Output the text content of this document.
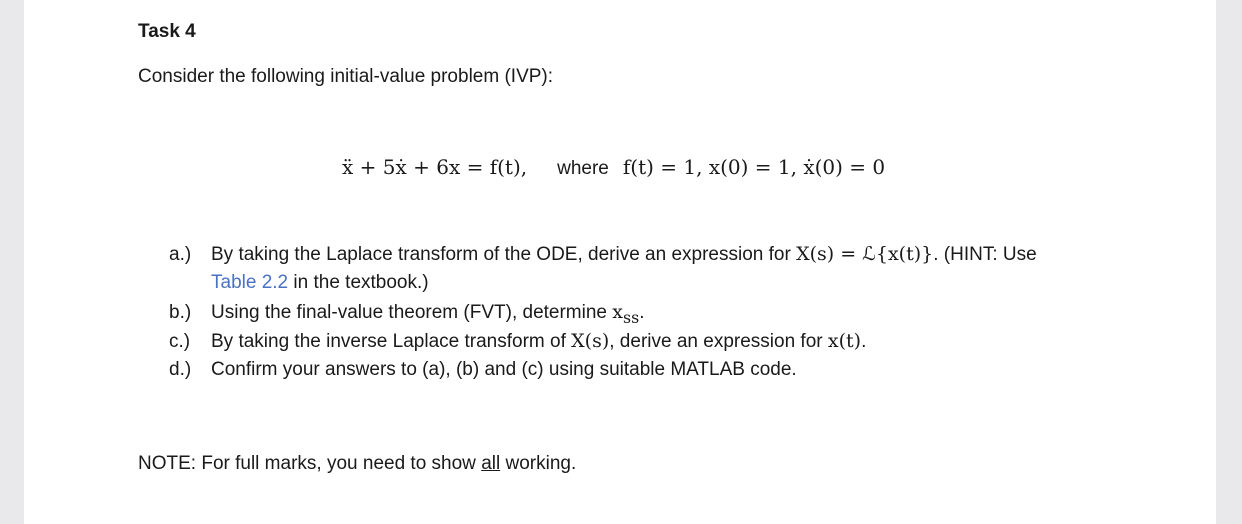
Task 4
Consider the following initial-value problem (IVP):
ẍ + 5ẋ + 6x = f(t), where f(t) = 1, x(0) = 1, ẋ(0) = 0
a.)	By taking the Laplace transform of the ODE, derive an expression for X(s) = ℒ{x(t)}. (HINT: Use
Table 2.2 in the textbook.)
b.)	Using the final-value theorem (FVT), determine $x_{ss}$.
c.)	By taking the inverse Laplace transform of X(s), derive an expression for x(t).
d.)	Confirm your answers to (a), (b) and (c) using suitable MATLAB code.
NOTE: For full marks, you need to show all working.
